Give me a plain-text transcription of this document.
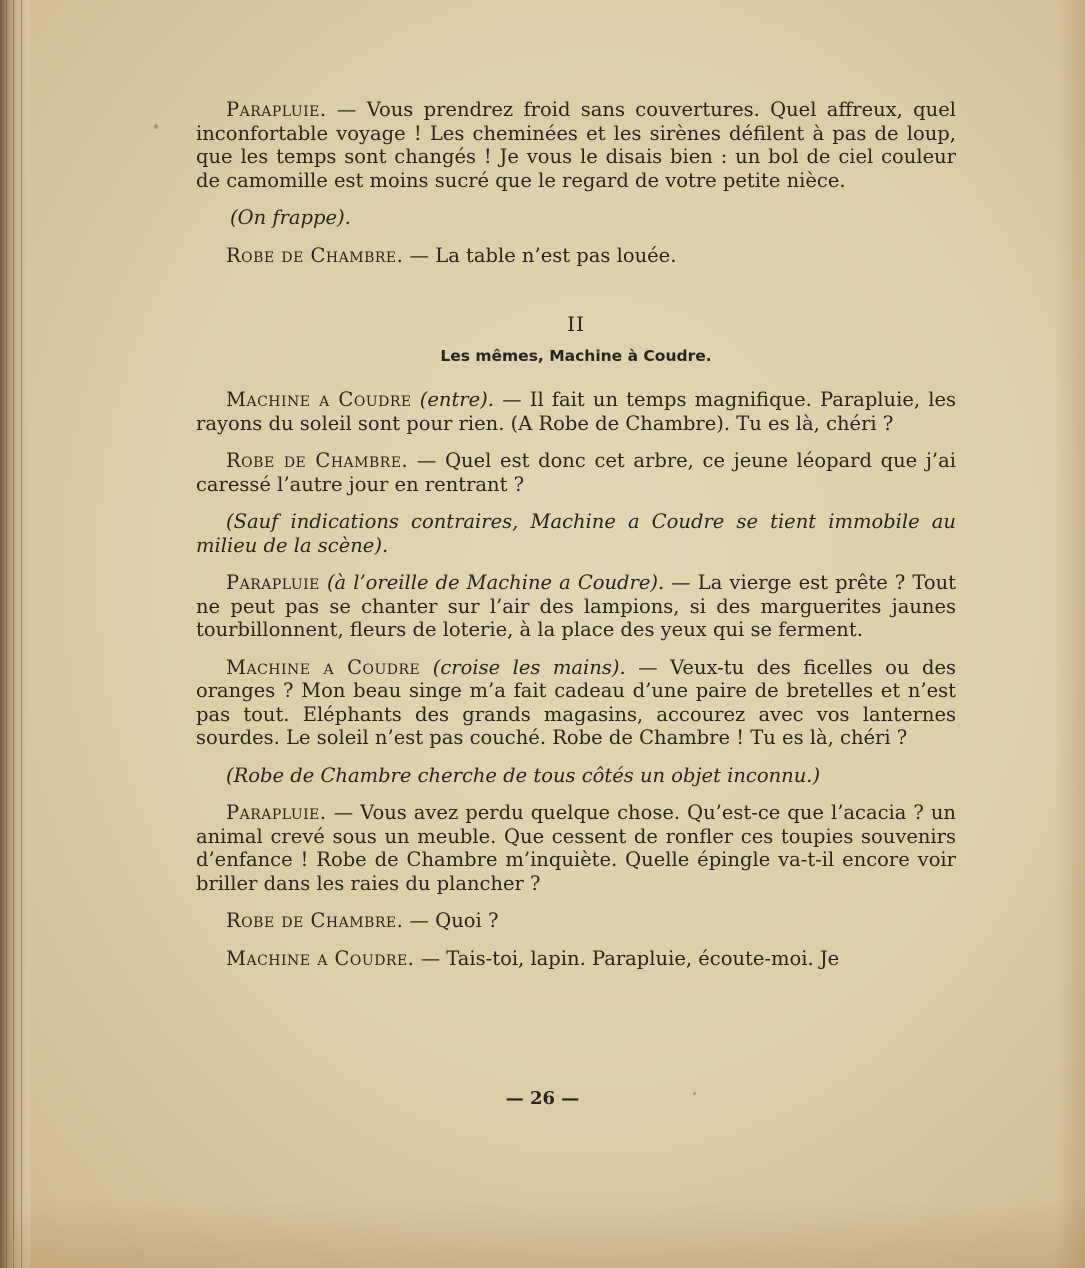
Parapluie. — Vous prendrez froid sans couvertures. Quel affreux, quel inconfortable voyage ! Les cheminées et les sirènes défilent à pas de loup, que les temps sont changés ! Je vous le disais bien : un bol de ciel couleur de camomille est moins sucré que le regard de votre petite nièce.

(On frappe).

Robe de Chambre. — La table n’est pas louée.

II
Les mêmes, Machine à Coudre.

Machine a Coudre (entre). — Il fait un temps magnifique. Parapluie, les rayons du soleil sont pour rien. (A Robe de Chambre). Tu es là, chéri ?

Robe de Chambre. — Quel est donc cet arbre, ce jeune léopard que j’ai caressé l’autre jour en rentrant ?

(Sauf indications contraires, Machine a Coudre se tient immobile au milieu de la scène).

Parapluie (à l’oreille de Machine a Coudre). — La vierge est prête ? Tout ne peut pas se chanter sur l’air des lampions, si des marguerites jaunes tourbillonnent, fleurs de loterie, à la place des yeux qui se ferment.

Machine a Coudre (croise les mains). — Veux-tu des ficelles ou des oranges ? Mon beau singe m’a fait cadeau d’une paire de bretelles et n’est pas tout. Eléphants des grands magasins, accourez avec vos lanternes sourdes. Le soleil n’est pas couché. Robe de Chambre ! Tu es là, chéri ?

(Robe de Chambre cherche de tous côtés un objet inconnu.)

Parapluie. — Vous avez perdu quelque chose. Qu’est-ce que l’acacia ? un animal crevé sous un meuble. Que cessent de ronfler ces toupies souvenirs d’enfance ! Robe de Chambre m’inquiète. Quelle épingle va-t-il encore voir briller dans les raies du plancher ?

Robe de Chambre. — Quoi ?

Machine a Coudre. — Tais-toi, lapin. Parapluie, écoute-moi. Je

— 26 —
